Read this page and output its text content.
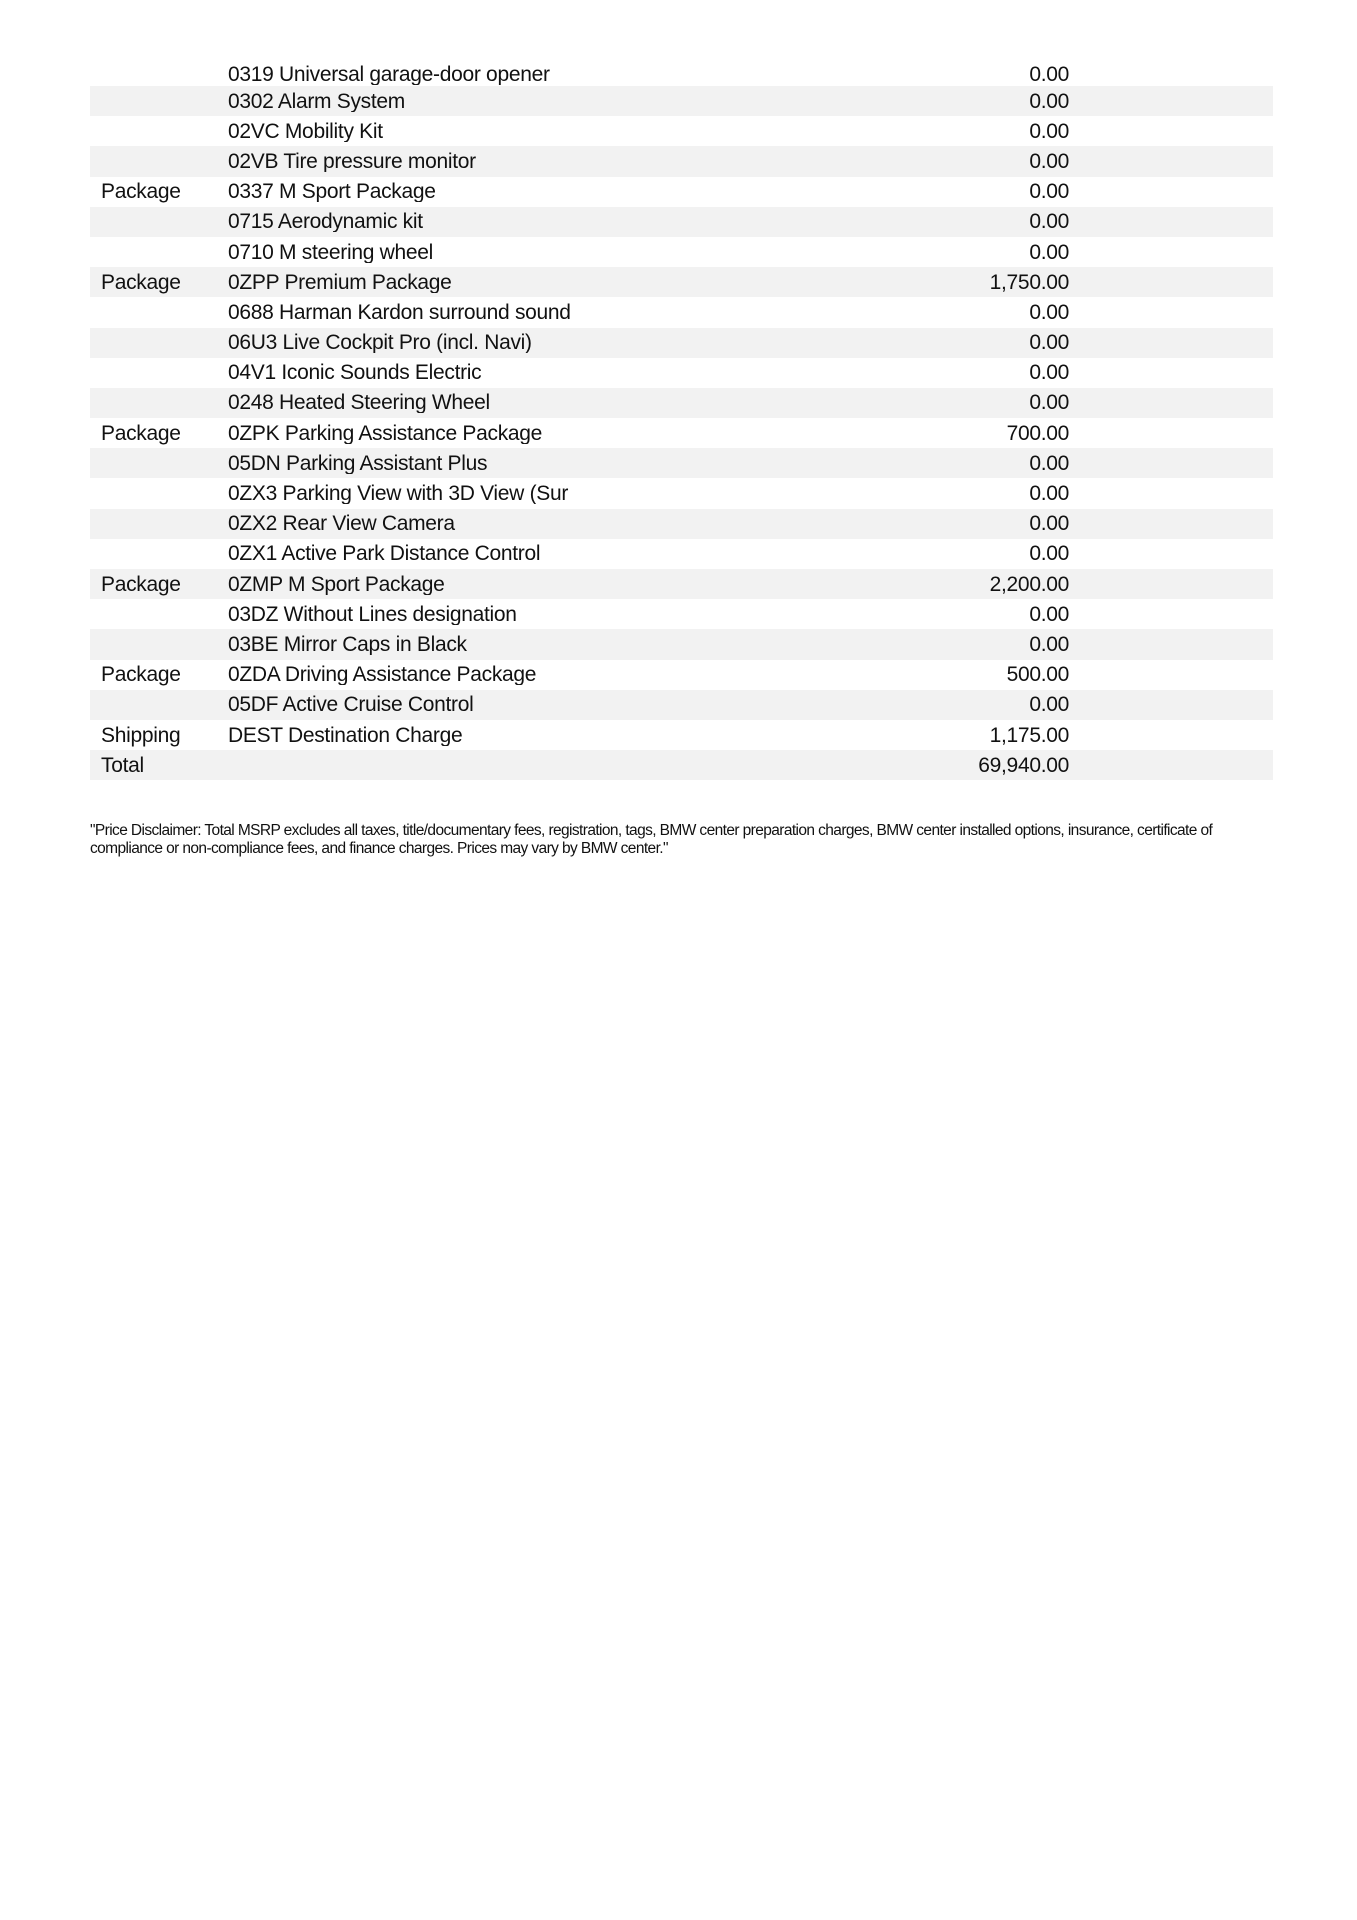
0319 Universal garage-door opener	0.00
0302 Alarm System	0.00
02VC Mobility Kit	0.00
02VB Tire pressure monitor	0.00
Package	0337 M Sport Package	0.00
0715 Aerodynamic kit	0.00
0710 M steering wheel	0.00
Package	0ZPP Premium Package	1,750.00
0688 Harman Kardon surround sound	0.00
06U3 Live Cockpit Pro (incl. Navi)	0.00
04V1 Iconic Sounds Electric	0.00
0248 Heated Steering Wheel	0.00
Package	0ZPK Parking Assistance Package	700.00
05DN Parking Assistant Plus	0.00
0ZX3 Parking View with 3D View (Sur	0.00
0ZX2 Rear View Camera	0.00
0ZX1 Active Park Distance Control	0.00
Package	0ZMP M Sport Package	2,200.00
03DZ Without Lines designation	0.00
03BE Mirror Caps in Black	0.00
Package	0ZDA Driving Assistance Package	500.00
05DF Active Cruise Control	0.00
Shipping	DEST Destination Charge	1,175.00
Total	69,940.00

"Price Disclaimer: Total MSRP excludes all taxes, title/documentary fees, registration, tags, BMW center preparation charges, BMW center installed options, insurance, certificate of compliance or non-compliance fees, and finance charges. Prices may vary by BMW center."
